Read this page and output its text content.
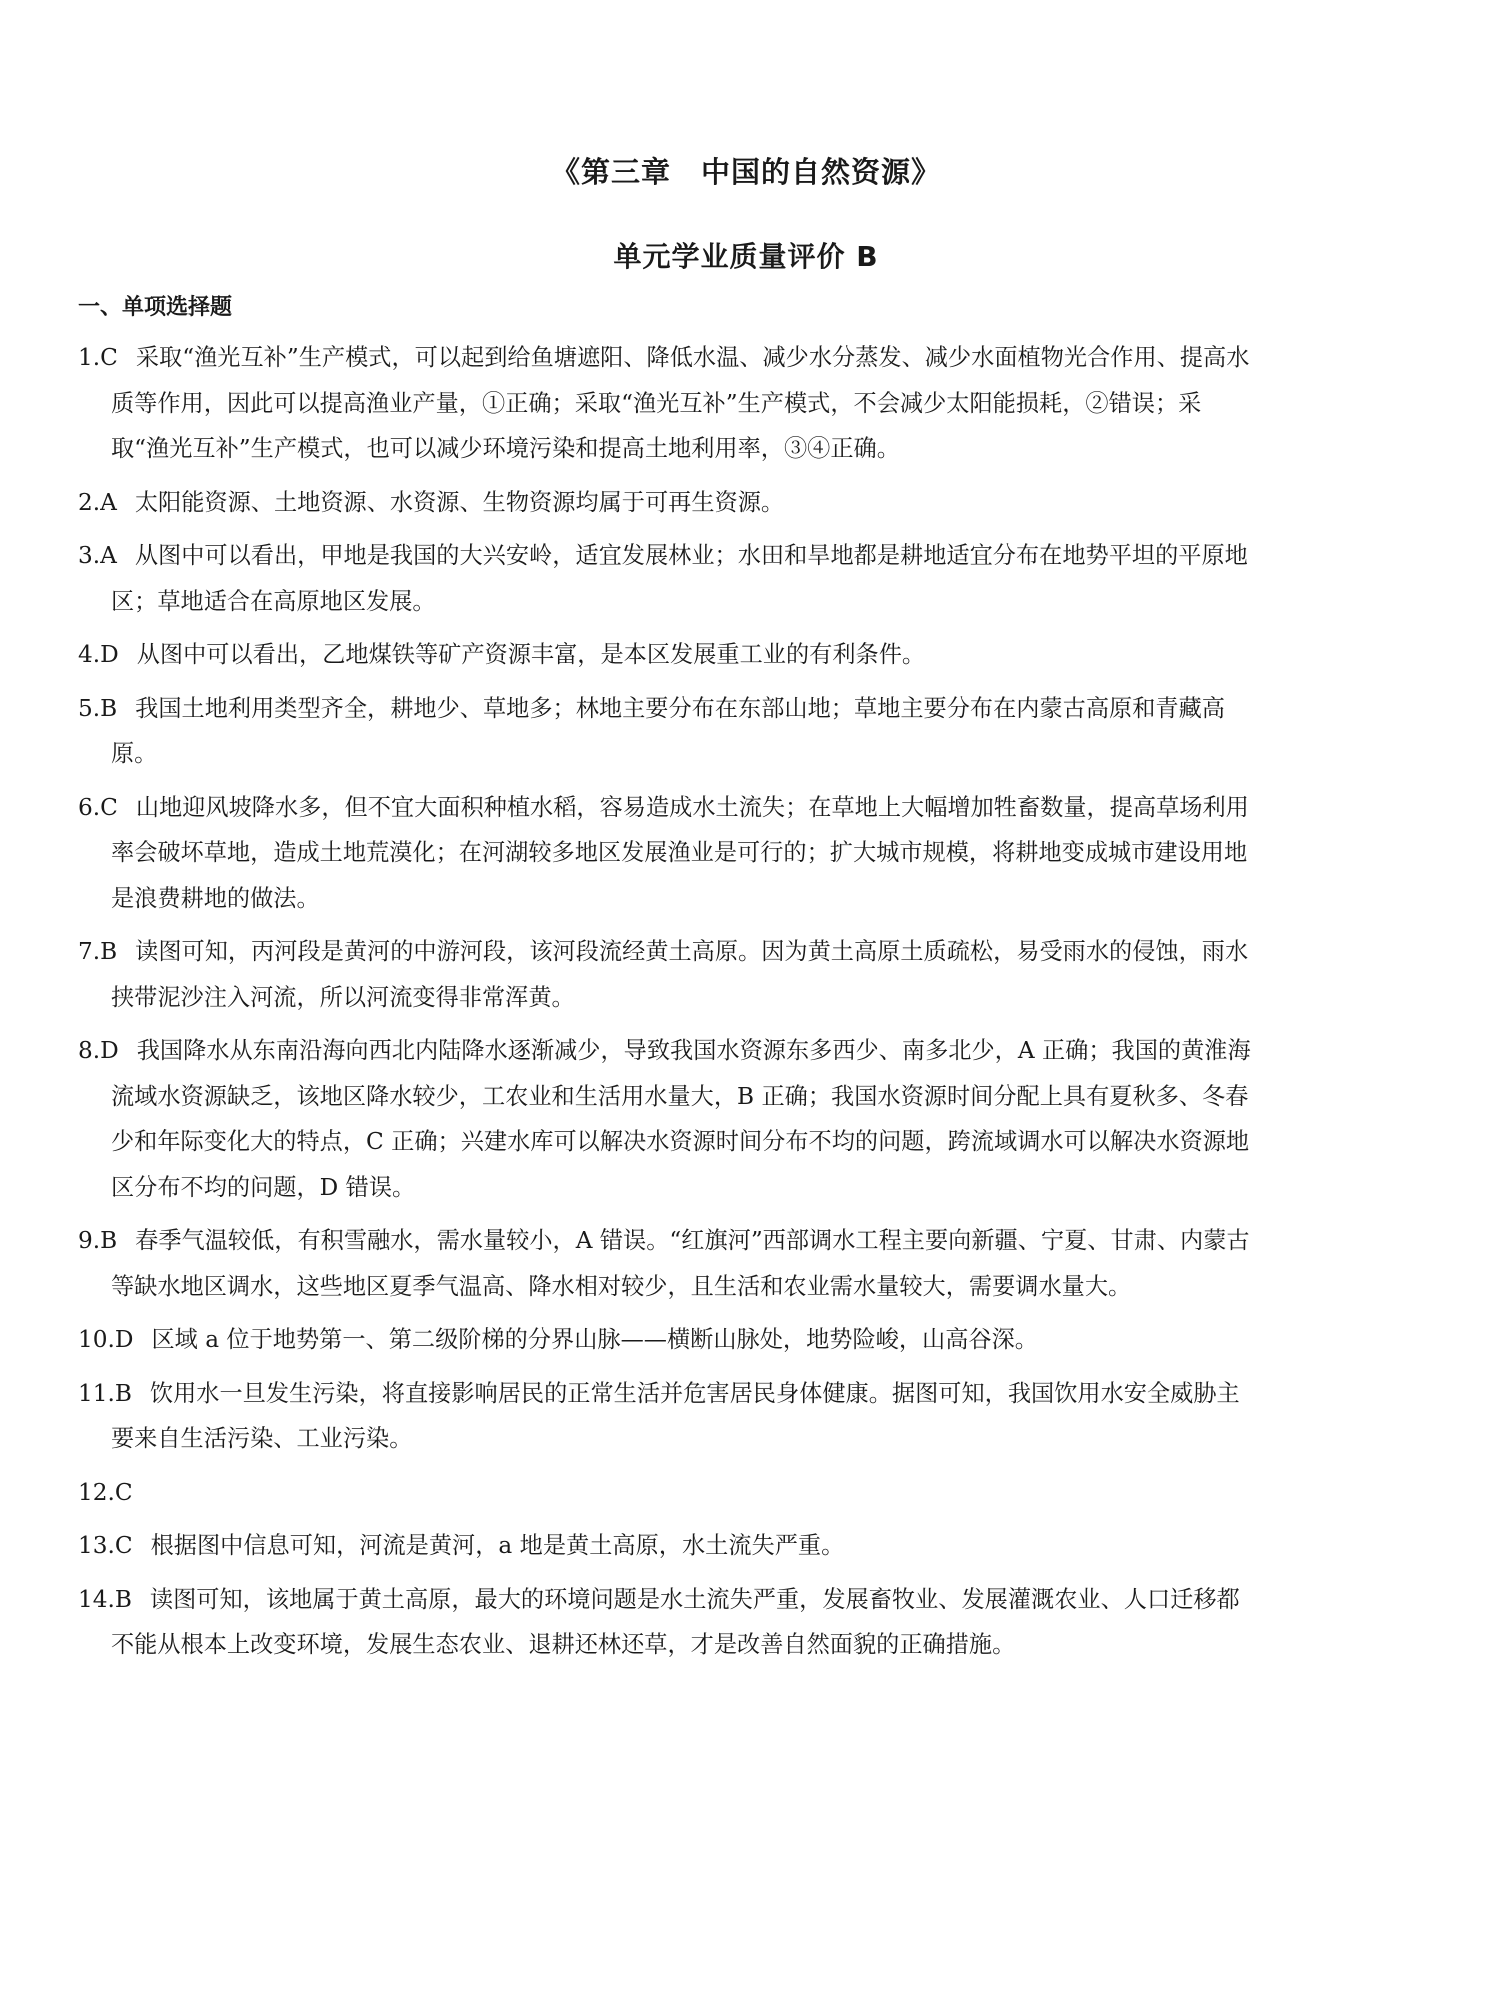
《第三章　中国的自然资源》
单元学业质量评价 B
一、单项选择题
1.C 采取“渔光互补”生产模式，可以起到给鱼塘遮阳、降低水温、减少水分蒸发、减少水面植物光合作用、提高水质等作用，因此可以提高渔业产量，①正确；采取“渔光互补”生产模式，不会减少太阳能损耗，②错误；采取“渔光互补”生产模式，也可以减少环境污染和提高土地利用率，③④正确。
2.A 太阳能资源、土地资源、水资源、生物资源均属于可再生资源。
3.A 从图中可以看出，甲地是我国的大兴安岭，适宜发展林业；水田和旱地都是耕地适宜分布在地势平坦的平原地区；草地适合在高原地区发展。
4.D 从图中可以看出，乙地煤铁等矿产资源丰富，是本区发展重工业的有利条件。
5.B 我国土地利用类型齐全，耕地少、草地多；林地主要分布在东部山地；草地主要分布在内蒙古高原和青藏高原。
6.C 山地迎风坡降水多，但不宜大面积种植水稻，容易造成水土流失；在草地上大幅增加牲畜数量，提高草场利用率会破坏草地，造成土地荒漠化；在河湖较多地区发展渔业是可行的；扩大城市规模，将耕地变成城市建设用地是浪费耕地的做法。
7.B 读图可知，丙河段是黄河的中游河段，该河段流经黄土高原。因为黄土高原土质疏松，易受雨水的侵蚀，雨水挟带泥沙注入河流，所以河流变得非常浑黄。
8.D 我国降水从东南沿海向西北内陆降水逐渐减少，导致我国水资源东多西少、南多北少，A 正确；我国的黄淮海流域水资源缺乏，该地区降水较少，工农业和生活用水量大，B 正确；我国水资源时间分配上具有夏秋多、冬春少和年际变化大的特点，C 正确；兴建水库可以解决水资源时间分布不均的问题，跨流域调水可以解决水资源地区分布不均的问题，D 错误。
9.B 春季气温较低，有积雪融水，需水量较小，A 错误。“红旗河”西部调水工程主要向新疆、宁夏、甘肃、内蒙古等缺水地区调水，这些地区夏季气温高、降水相对较少，且生活和农业需水量较大，需要调水量大。
10.D 区域 a 位于地势第一、第二级阶梯的分界山脉——横断山脉处，地势险峻，山高谷深。
11.B 饮用水一旦发生污染，将直接影响居民的正常生活并危害居民身体健康。据图可知，我国饮用水安全威胁主要来自生活污染、工业污染。
12.C
13.C 根据图中信息可知，河流是黄河，a 地是黄土高原，水土流失严重。
14.B 读图可知，该地属于黄土高原，最大的环境问题是水土流失严重，发展畜牧业、发展灌溉农业、人口迁移都不能从根本上改变环境，发展生态农业、退耕还林还草，才是改善自然面貌的正确措施。
